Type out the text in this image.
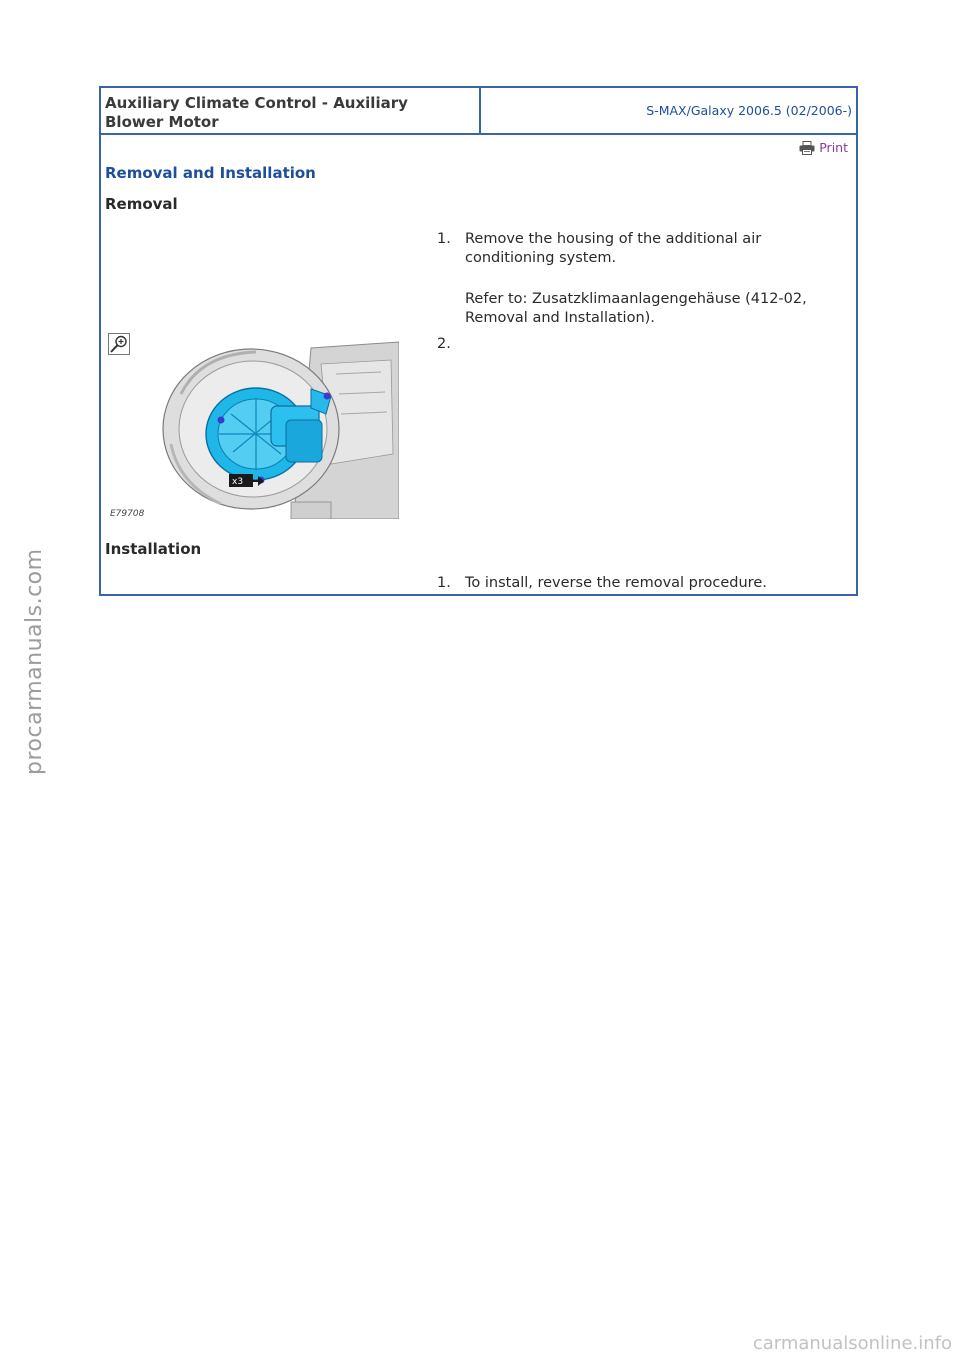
Auxiliary Climate Control - Auxiliary
Blower Motor
S-MAX/Galaxy 2006.5 (02/2006-)
Print
Removal and Installation
Removal
1. Remove the housing of the additional air conditioning system.
Refer to: Zusatzklimaanlagengehäuse (412-02, Removal and Installation).
x3
E79708
2.
Installation
1. To install, reverse the removal procedure.
procarmanuals.com
carmanualsonline.info
